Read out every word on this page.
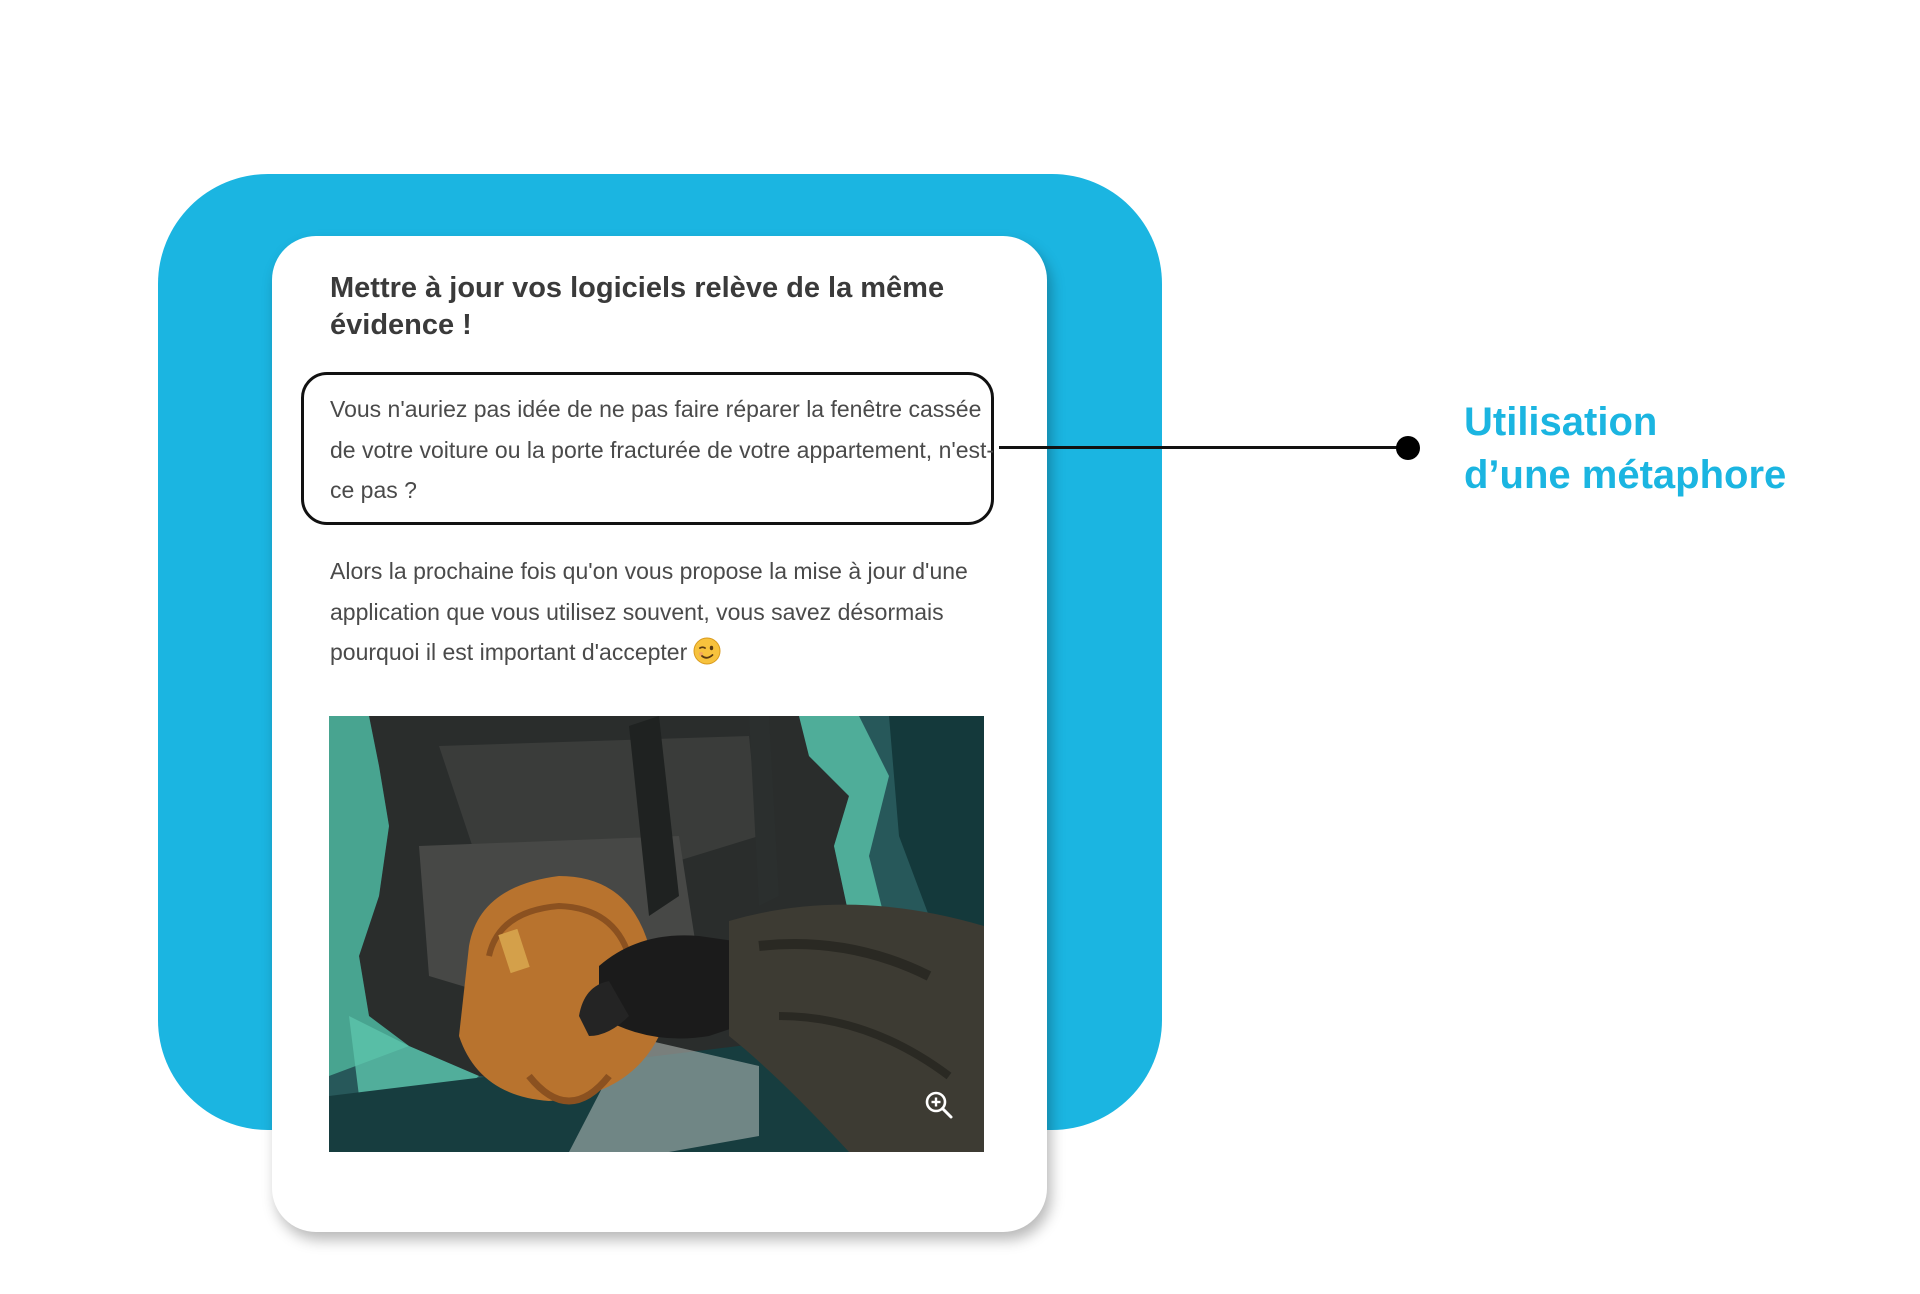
Mettre à jour vos logiciels relève de la même évidence !

Vous n'auriez pas idée de ne pas faire réparer la fenêtre cassée de votre voiture ou la porte fracturée de votre appartement, n'est-ce pas ?

Alors la prochaine fois qu'on vous propose la mise à jour d'une application que vous utilisez souvent, vous savez désormais pourquoi il est important d'accepter

Utilisation
d’une métaphore
